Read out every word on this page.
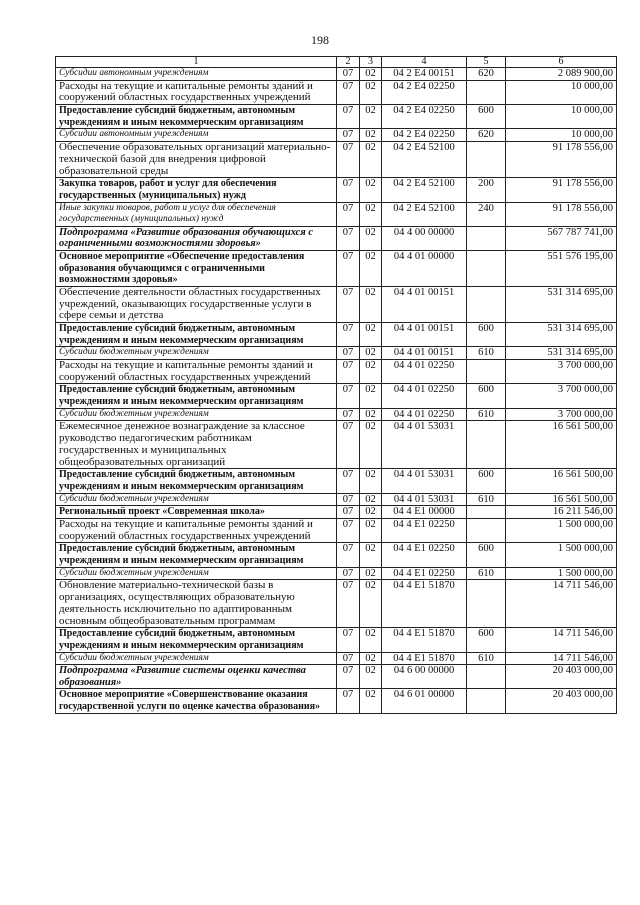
198
1	2	3	4	5	6
Субсидии автономным учреждениям	07	02	04 2 E4 00151	620	2 089 900,00
Расходы на текущие и капитальные ремонты зданий и сооружений областных государственных учреждений	07	02	04 2 E4 02250		10 000,00
Предоставление субсидий бюджетным, автономным учреждениям и иным некоммерческим организациям	07	02	04 2 E4 02250	600	10 000,00
Субсидии автономным учреждениям	07	02	04 2 E4 02250	620	10 000,00
Обеспечение образовательных организаций материально-технической базой для внедрения цифровой образовательной среды	07	02	04 2 E4 52100		91 178 556,00
Закупка товаров, работ и услуг для обеспечения государственных (муниципальных) нужд	07	02	04 2 E4 52100	200	91 178 556,00
Иные закупки товаров, работ и услуг для обеспечения государственных (муниципальных) нужд	07	02	04 2 E4 52100	240	91 178 556,00
Подпрограмма «Развитие образования обучающихся с ограниченными возможностями здоровья»	07	02	04 4 00 00000		567 787 741,00
Основное мероприятие «Обеспечение предоставления образования обучающимся с ограниченными возможностями здоровья»	07	02	04 4 01 00000		551 576 195,00
Обеспечение деятельности областных государственных учреждений, оказывающих государственные услуги в сфере семьи и детства	07	02	04 4 01 00151		531 314 695,00
Предоставление субсидий бюджетным, автономным учреждениям и иным некоммерческим организациям	07	02	04 4 01 00151	600	531 314 695,00
Субсидии бюджетным учреждениям	07	02	04 4 01 00151	610	531 314 695,00
Расходы на текущие и капитальные ремонты зданий и сооружений областных государственных учреждений	07	02	04 4 01 02250		3 700 000,00
Предоставление субсидий бюджетным, автономным учреждениям и иным некоммерческим организациям	07	02	04 4 01 02250	600	3 700 000,00
Субсидии бюджетным учреждениям	07	02	04 4 01 02250	610	3 700 000,00
Ежемесячное денежное вознаграждение за классное руководство педагогическим работникам государственных и муниципальных общеобразовательных организаций	07	02	04 4 01 53031		16 561 500,00
Предоставление субсидий бюджетным, автономным учреждениям и иным некоммерческим организациям	07	02	04 4 01 53031	600	16 561 500,00
Субсидии бюджетным учреждениям	07	02	04 4 01 53031	610	16 561 500,00
Региональный проект «Современная школа»	07	02	04 4 E1 00000		16 211 546,00
Расходы на текущие и капитальные ремонты зданий и сооружений областных государственных учреждений	07	02	04 4 E1 02250		1 500 000,00
Предоставление субсидий бюджетным, автономным учреждениям и иным некоммерческим организациям	07	02	04 4 E1 02250	600	1 500 000,00
Субсидии бюджетным учреждениям	07	02	04 4 E1 02250	610	1 500 000,00
Обновление материально-технической базы в организациях, осуществляющих образовательную деятельность исключительно по адаптированным основным общеобразовательным программам	07	02	04 4 E1 51870		14 711 546,00
Предоставление субсидий бюджетным, автономным учреждениям и иным некоммерческим организациям	07	02	04 4 E1 51870	600	14 711 546,00
Субсидии бюджетным учреждениям	07	02	04 4 E1 51870	610	14 711 546,00
Подпрограмма «Развитие системы оценки качества образования»	07	02	04 6 00 00000		20 403 000,00
Основное мероприятие «Совершенствование оказания государственной услуги по оценке качества образования»	07	02	04 6 01 00000		20 403 000,00
